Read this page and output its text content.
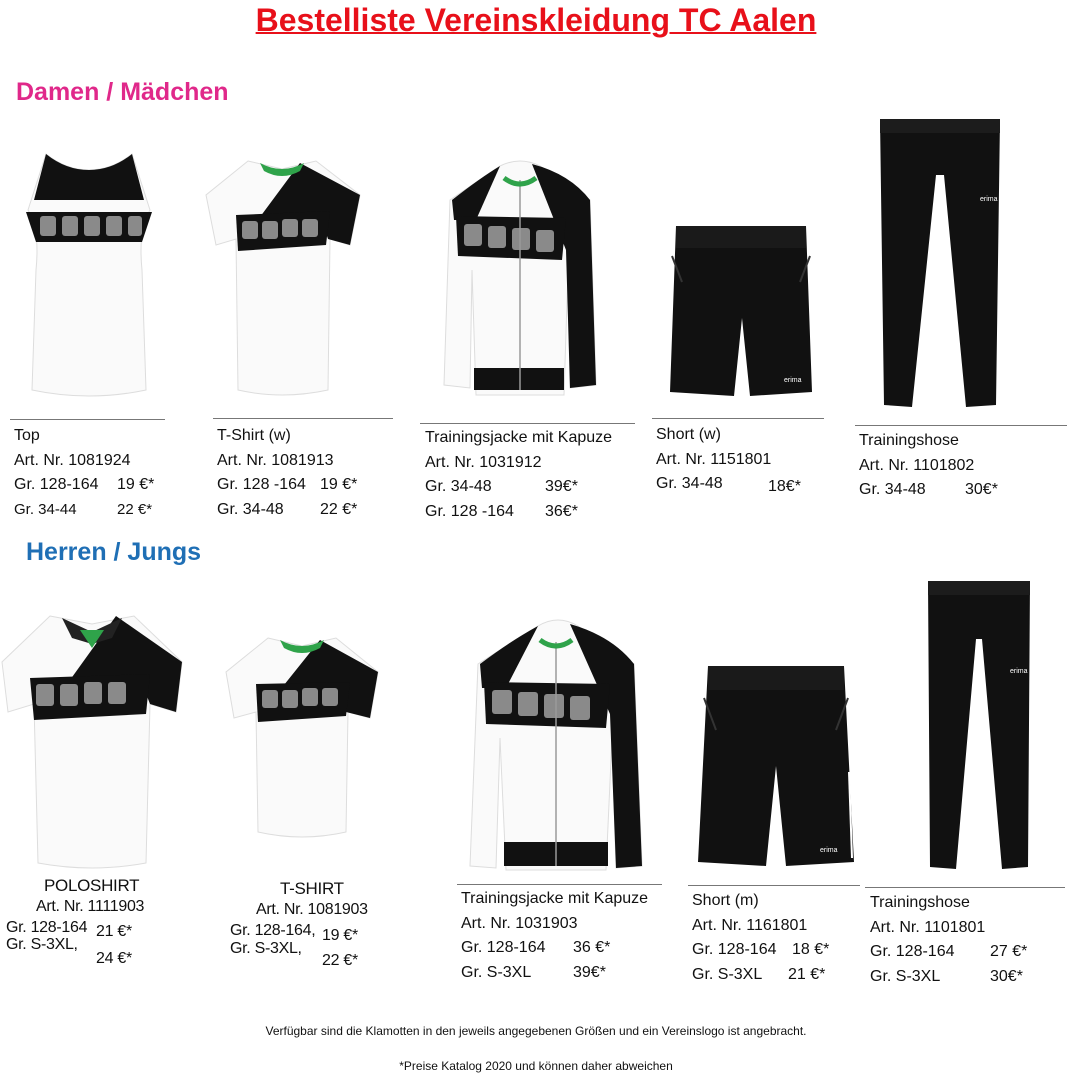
Bestelliste Vereinskleidung TC Aalen
Damen / Mädchen
Herren / Jungs
erima
erima
Top
Art. Nr. 1081924
Gr. 128-164 19 €*
Gr. 34-44	22 €*
T-Shirt (w)
Art. Nr. 1081913
Gr. 128 -164 19 €*
Gr. 34-48 22 €*
Trainingsjacke mit Kapuze
Art. Nr. 1031912
Gr. 34-48	39€*
Gr. 128 -164 36€*
Short (w)
Art. Nr. 1151801
Gr. 34-48	18€*
Trainingshose
Art. Nr. 1101802
Gr. 34-48 30€*
erima
erima
POLOSHIRT
Art. Nr. 1111903
Gr. 128-164 21 €*
Gr. S-3XL,24 €*
T-SHIRT
Art. Nr. 1081903
Gr. 128-164, 19 €*
Gr. S-3XL,22 €*
Trainingsjacke mit Kapuze
Art. Nr. 1031903
Gr. 128-164 36 €*
Gr. S-3XL	39€*
Short (m)
Art. Nr. 1161801
Gr. 128-164 18 €*
Gr. S-3XL 21 €*
Trainingshose
Art. Nr. 1101801
Gr. 128-164 27 €*
Gr. S-3XL	30€*
Verfügbar sind die Klamotten in den jeweils angegebenen Größen und ein Vereinslogo ist angebracht.
*Preise Katalog 2020 und können daher abweichen
